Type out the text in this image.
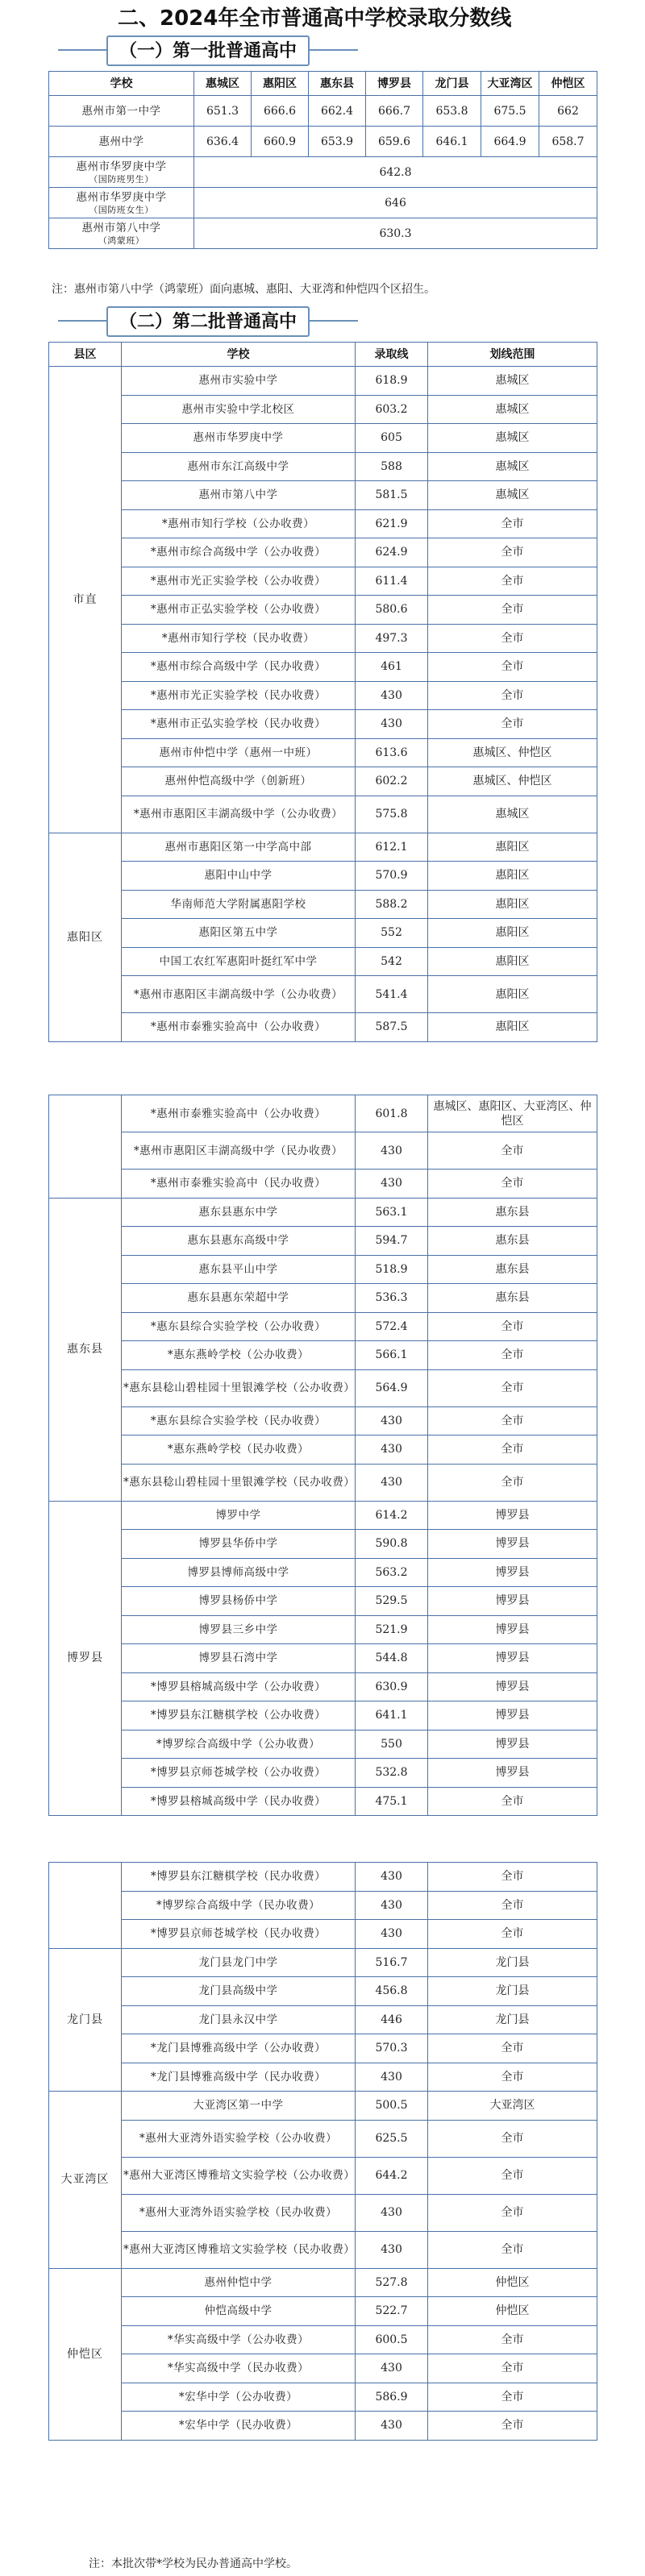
二、2024年全市普通高中学校录取分数线
（一）第一批普通高中
学校	惠城区	惠阳区	惠东县	博罗县	龙门县	大亚湾区	仲恺区
惠州市第一中学	651.3	666.6	662.4	666.7	653.8	675.5	662
惠州中学	636.4	660.9	653.9	659.6	646.1	664.9	658.7

惠州市华罗庚中学
（国防班男生）	642.8						

惠州市华罗庚中学
（国防班女生）	646						

惠州市第八中学
（鸿蒙班）	630.3						
注：惠州市第八中学（鸿蒙班）面向惠城、惠阳、大亚湾和仲恺四个区招生。
（二）第二批普通高中
县区	学校	录取线	划线范围
市直	惠州市实验中学	618.9	惠城区
	惠州市实验中学北校区	603.2	惠城区
	惠州市华罗庚中学	605	惠城区
	惠州市东江高级中学	588	惠城区
	惠州市第八中学	581.5	惠城区
	*惠州市知行学校（公办收费）	621.9	全市
	*惠州市综合高级中学（公办收费）	624.9	全市
	*惠州市光正实验学校（公办收费）	611.4	全市
	*惠州市正弘实验学校（公办收费）	580.6	全市
	*惠州市知行学校（民办收费）	497.3	全市
	*惠州市综合高级中学（民办收费）	461	全市
	*惠州市光正实验学校（民办收费）	430	全市
	*惠州市正弘实验学校（民办收费）	430	全市
	惠州市仲恺中学（惠州一中班）	613.6	惠城区、仲恺区
	惠州仲恺高级中学（创新班）	602.2	惠城区、仲恺区
	*惠州市惠阳区丰湖高级中学（公办收费）	575.8	惠城区
惠阳区	惠州市惠阳区第一中学高中部	612.1	惠阳区
	惠阳中山中学	570.9	惠阳区
	华南师范大学附属惠阳学校	588.2	惠阳区
	惠阳区第五中学	552	惠阳区
	中国工农红军惠阳叶挺红军中学	542	惠阳区
	*惠州市惠阳区丰湖高级中学（公办收费）	541.4	惠阳区
	*惠州市泰雅实验高中（公办收费）	587.5	惠阳区
	*惠州市泰雅实验高中（公办收费）	601.8	惠城区、惠阳区、大亚湾区、仲恺区
	*惠州市惠阳区丰湖高级中学（民办收费）	430	全市
	*惠州市泰雅实验高中（民办收费）	430	全市
惠东县	惠东县惠东中学	563.1	惠东县
	惠东县惠东高级中学	594.7	惠东县
	惠东县平山中学	518.9	惠东县
	惠东县惠东荣超中学	536.3	惠东县
	*惠东县综合实验学校（公办收费）	572.4	全市
	*惠东燕岭学校（公办收费）	566.1	全市
	*惠东县稔山碧桂园十里银滩学校（公办收费）	564.9	全市
	*惠东县综合实验学校（民办收费）	430	全市
	*惠东燕岭学校（民办收费）	430	全市
	*惠东县稔山碧桂园十里银滩学校（民办收费）	430	全市
博罗县	博罗中学	614.2	博罗县
	博罗县华侨中学	590.8	博罗县
	博罗县博师高级中学	563.2	博罗县
	博罗县杨侨中学	529.5	博罗县
	博罗县三乡中学	521.9	博罗县
	博罗县石湾中学	544.8	博罗县
	*博罗县榕城高级中学（公办收费）	630.9	博罗县
	*博罗县东江糖棋学校（公办收费）	641.1	博罗县
	*博罗综合高级中学（公办收费）	550	博罗县
	*博罗县京师苍城学校（公办收费）	532.8	博罗县
	*博罗县榕城高级中学（民办收费）	475.1	全市
	*博罗县东江糖棋学校（民办收费）	430	全市
	*博罗综合高级中学（民办收费）	430	全市
	*博罗县京师苍城学校（民办收费）	430	全市
龙门县	龙门县龙门中学	516.7	龙门县
	龙门县高级中学	456.8	龙门县
	龙门县永汉中学	446	龙门县
	*龙门县博雅高级中学（公办收费）	570.3	全市
	*龙门县博雅高级中学（民办收费）	430	全市
大亚湾区	大亚湾区第一中学	500.5	大亚湾区
	*惠州大亚湾外语实验学校（公办收费）	625.5	全市
	*惠州大亚湾区博雅培文实验学校（公办收费）	644.2	全市
	*惠州大亚湾外语实验学校（民办收费）	430	全市
	*惠州大亚湾区博雅培文实验学校（民办收费）	430	全市
仲恺区	惠州仲恺中学	527.8	仲恺区
	仲恺高级中学	522.7	仲恺区
	*华实高级中学（公办收费）	600.5	全市
	*华实高级中学（民办收费）	430	全市
	*宏华中学（公办收费）	586.9	全市
	*宏华中学（民办收费）	430	全市
注：本批次带*学校为民办普通高中学校。
